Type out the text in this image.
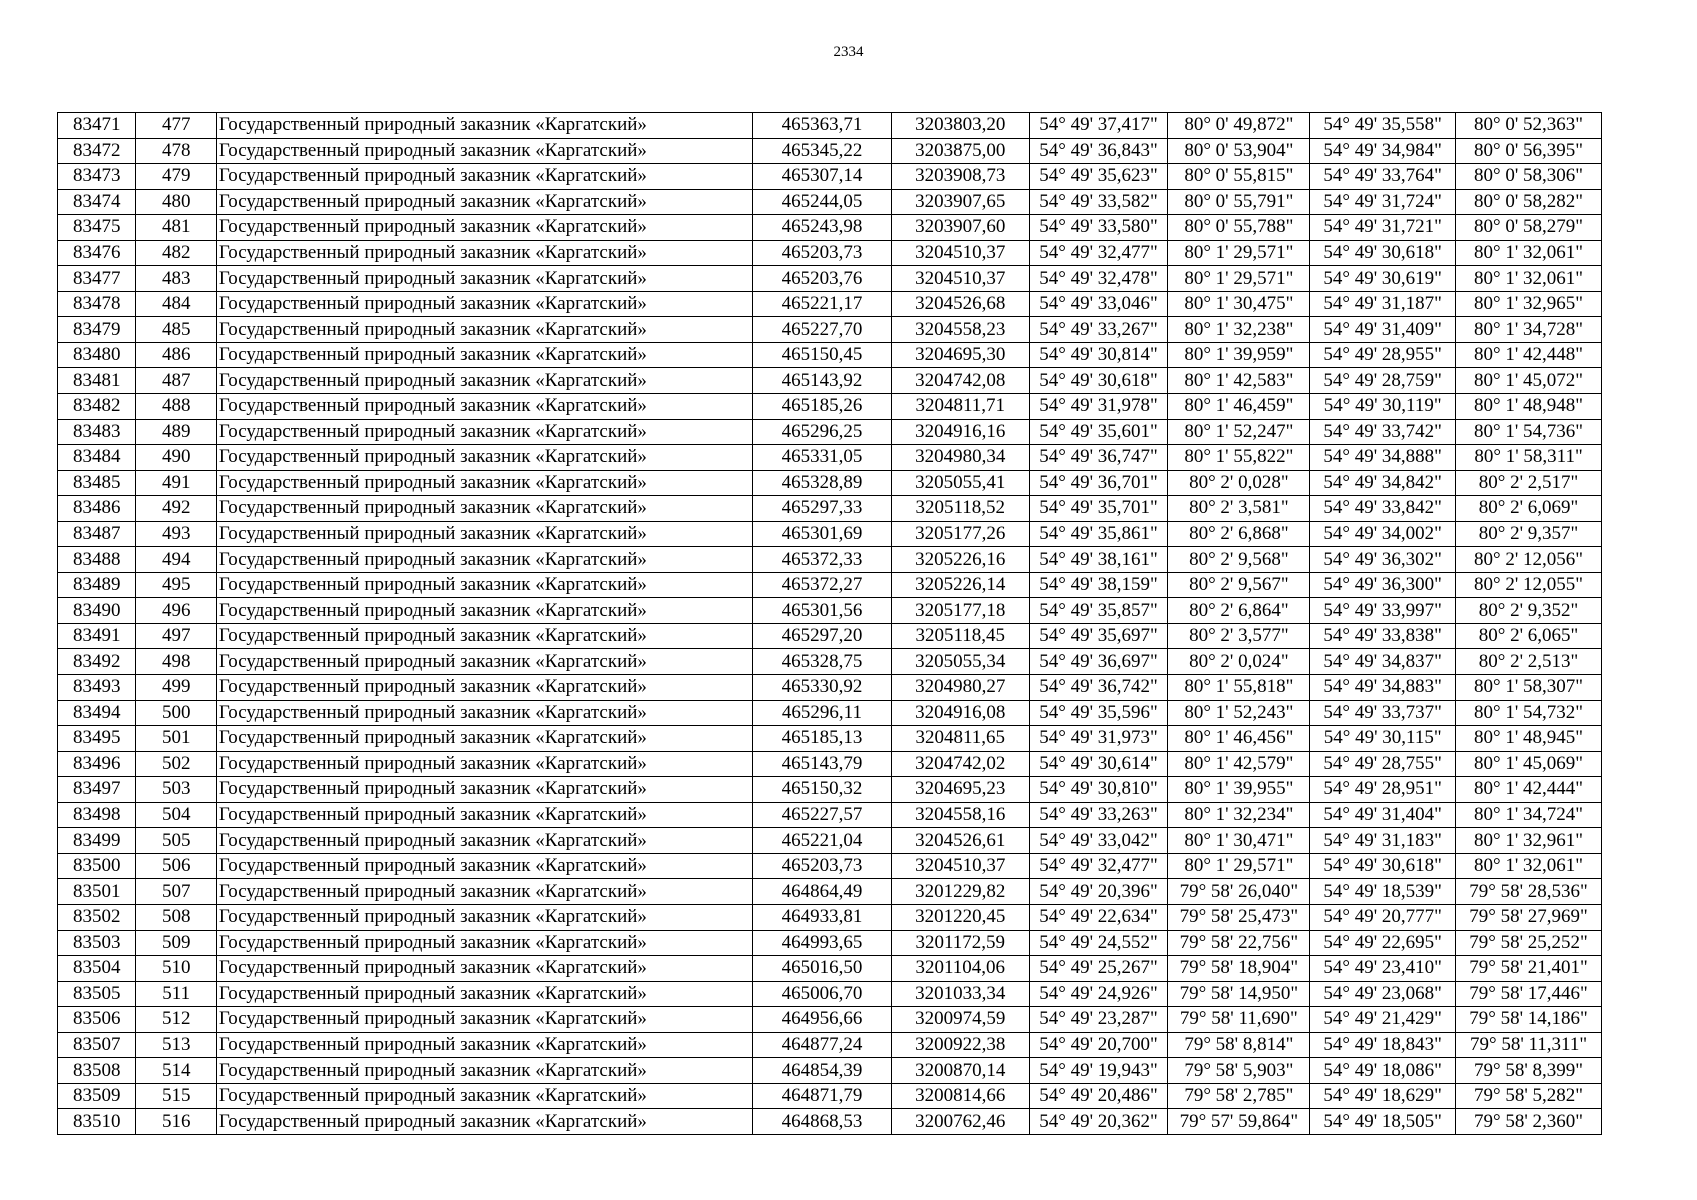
2334
83471	477	Государственный природный заказник «Каргатский»	465363,71	3203803,20	54° 49' 37,417"	80° 0' 49,872"	54° 49' 35,558"	80° 0' 52,363"
83472	478	Государственный природный заказник «Каргатский»	465345,22	3203875,00	54° 49' 36,843"	80° 0' 53,904"	54° 49' 34,984"	80° 0' 56,395"
83473	479	Государственный природный заказник «Каргатский»	465307,14	3203908,73	54° 49' 35,623"	80° 0' 55,815"	54° 49' 33,764"	80° 0' 58,306"
83474	480	Государственный природный заказник «Каргатский»	465244,05	3203907,65	54° 49' 33,582"	80° 0' 55,791"	54° 49' 31,724"	80° 0' 58,282"
83475	481	Государственный природный заказник «Каргатский»	465243,98	3203907,60	54° 49' 33,580"	80° 0' 55,788"	54° 49' 31,721"	80° 0' 58,279"
83476	482	Государственный природный заказник «Каргатский»	465203,73	3204510,37	54° 49' 32,477"	80° 1' 29,571"	54° 49' 30,618"	80° 1' 32,061"
83477	483	Государственный природный заказник «Каргатский»	465203,76	3204510,37	54° 49' 32,478"	80° 1' 29,571"	54° 49' 30,619"	80° 1' 32,061"
83478	484	Государственный природный заказник «Каргатский»	465221,17	3204526,68	54° 49' 33,046"	80° 1' 30,475"	54° 49' 31,187"	80° 1' 32,965"
83479	485	Государственный природный заказник «Каргатский»	465227,70	3204558,23	54° 49' 33,267"	80° 1' 32,238"	54° 49' 31,409"	80° 1' 34,728"
83480	486	Государственный природный заказник «Каргатский»	465150,45	3204695,30	54° 49' 30,814"	80° 1' 39,959"	54° 49' 28,955"	80° 1' 42,448"
83481	487	Государственный природный заказник «Каргатский»	465143,92	3204742,08	54° 49' 30,618"	80° 1' 42,583"	54° 49' 28,759"	80° 1' 45,072"
83482	488	Государственный природный заказник «Каргатский»	465185,26	3204811,71	54° 49' 31,978"	80° 1' 46,459"	54° 49' 30,119"	80° 1' 48,948"
83483	489	Государственный природный заказник «Каргатский»	465296,25	3204916,16	54° 49' 35,601"	80° 1' 52,247"	54° 49' 33,742"	80° 1' 54,736"
83484	490	Государственный природный заказник «Каргатский»	465331,05	3204980,34	54° 49' 36,747"	80° 1' 55,822"	54° 49' 34,888"	80° 1' 58,311"
83485	491	Государственный природный заказник «Каргатский»	465328,89	3205055,41	54° 49' 36,701"	80° 2' 0,028"	54° 49' 34,842"	80° 2' 2,517"
83486	492	Государственный природный заказник «Каргатский»	465297,33	3205118,52	54° 49' 35,701"	80° 2' 3,581"	54° 49' 33,842"	80° 2' 6,069"
83487	493	Государственный природный заказник «Каргатский»	465301,69	3205177,26	54° 49' 35,861"	80° 2' 6,868"	54° 49' 34,002"	80° 2' 9,357"
83488	494	Государственный природный заказник «Каргатский»	465372,33	3205226,16	54° 49' 38,161"	80° 2' 9,568"	54° 49' 36,302"	80° 2' 12,056"
83489	495	Государственный природный заказник «Каргатский»	465372,27	3205226,14	54° 49' 38,159"	80° 2' 9,567"	54° 49' 36,300"	80° 2' 12,055"
83490	496	Государственный природный заказник «Каргатский»	465301,56	3205177,18	54° 49' 35,857"	80° 2' 6,864"	54° 49' 33,997"	80° 2' 9,352"
83491	497	Государственный природный заказник «Каргатский»	465297,20	3205118,45	54° 49' 35,697"	80° 2' 3,577"	54° 49' 33,838"	80° 2' 6,065"
83492	498	Государственный природный заказник «Каргатский»	465328,75	3205055,34	54° 49' 36,697"	80° 2' 0,024"	54° 49' 34,837"	80° 2' 2,513"
83493	499	Государственный природный заказник «Каргатский»	465330,92	3204980,27	54° 49' 36,742"	80° 1' 55,818"	54° 49' 34,883"	80° 1' 58,307"
83494	500	Государственный природный заказник «Каргатский»	465296,11	3204916,08	54° 49' 35,596"	80° 1' 52,243"	54° 49' 33,737"	80° 1' 54,732"
83495	501	Государственный природный заказник «Каргатский»	465185,13	3204811,65	54° 49' 31,973"	80° 1' 46,456"	54° 49' 30,115"	80° 1' 48,945"
83496	502	Государственный природный заказник «Каргатский»	465143,79	3204742,02	54° 49' 30,614"	80° 1' 42,579"	54° 49' 28,755"	80° 1' 45,069"
83497	503	Государственный природный заказник «Каргатский»	465150,32	3204695,23	54° 49' 30,810"	80° 1' 39,955"	54° 49' 28,951"	80° 1' 42,444"
83498	504	Государственный природный заказник «Каргатский»	465227,57	3204558,16	54° 49' 33,263"	80° 1' 32,234"	54° 49' 31,404"	80° 1' 34,724"
83499	505	Государственный природный заказник «Каргатский»	465221,04	3204526,61	54° 49' 33,042"	80° 1' 30,471"	54° 49' 31,183"	80° 1' 32,961"
83500	506	Государственный природный заказник «Каргатский»	465203,73	3204510,37	54° 49' 32,477"	80° 1' 29,571"	54° 49' 30,618"	80° 1' 32,061"
83501	507	Государственный природный заказник «Каргатский»	464864,49	3201229,82	54° 49' 20,396"	79° 58' 26,040"	54° 49' 18,539"	79° 58' 28,536"
83502	508	Государственный природный заказник «Каргатский»	464933,81	3201220,45	54° 49' 22,634"	79° 58' 25,473"	54° 49' 20,777"	79° 58' 27,969"
83503	509	Государственный природный заказник «Каргатский»	464993,65	3201172,59	54° 49' 24,552"	79° 58' 22,756"	54° 49' 22,695"	79° 58' 25,252"
83504	510	Государственный природный заказник «Каргатский»	465016,50	3201104,06	54° 49' 25,267"	79° 58' 18,904"	54° 49' 23,410"	79° 58' 21,401"
83505	511	Государственный природный заказник «Каргатский»	465006,70	3201033,34	54° 49' 24,926"	79° 58' 14,950"	54° 49' 23,068"	79° 58' 17,446"
83506	512	Государственный природный заказник «Каргатский»	464956,66	3200974,59	54° 49' 23,287"	79° 58' 11,690"	54° 49' 21,429"	79° 58' 14,186"
83507	513	Государственный природный заказник «Каргатский»	464877,24	3200922,38	54° 49' 20,700"	79° 58' 8,814"	54° 49' 18,843"	79° 58' 11,311"
83508	514	Государственный природный заказник «Каргатский»	464854,39	3200870,14	54° 49' 19,943"	79° 58' 5,903"	54° 49' 18,086"	79° 58' 8,399"
83509	515	Государственный природный заказник «Каргатский»	464871,79	3200814,66	54° 49' 20,486"	79° 58' 2,785"	54° 49' 18,629"	79° 58' 5,282"
83510	516	Государственный природный заказник «Каргатский»	464868,53	3200762,46	54° 49' 20,362"	79° 57' 59,864"	54° 49' 18,505"	79° 58' 2,360"
